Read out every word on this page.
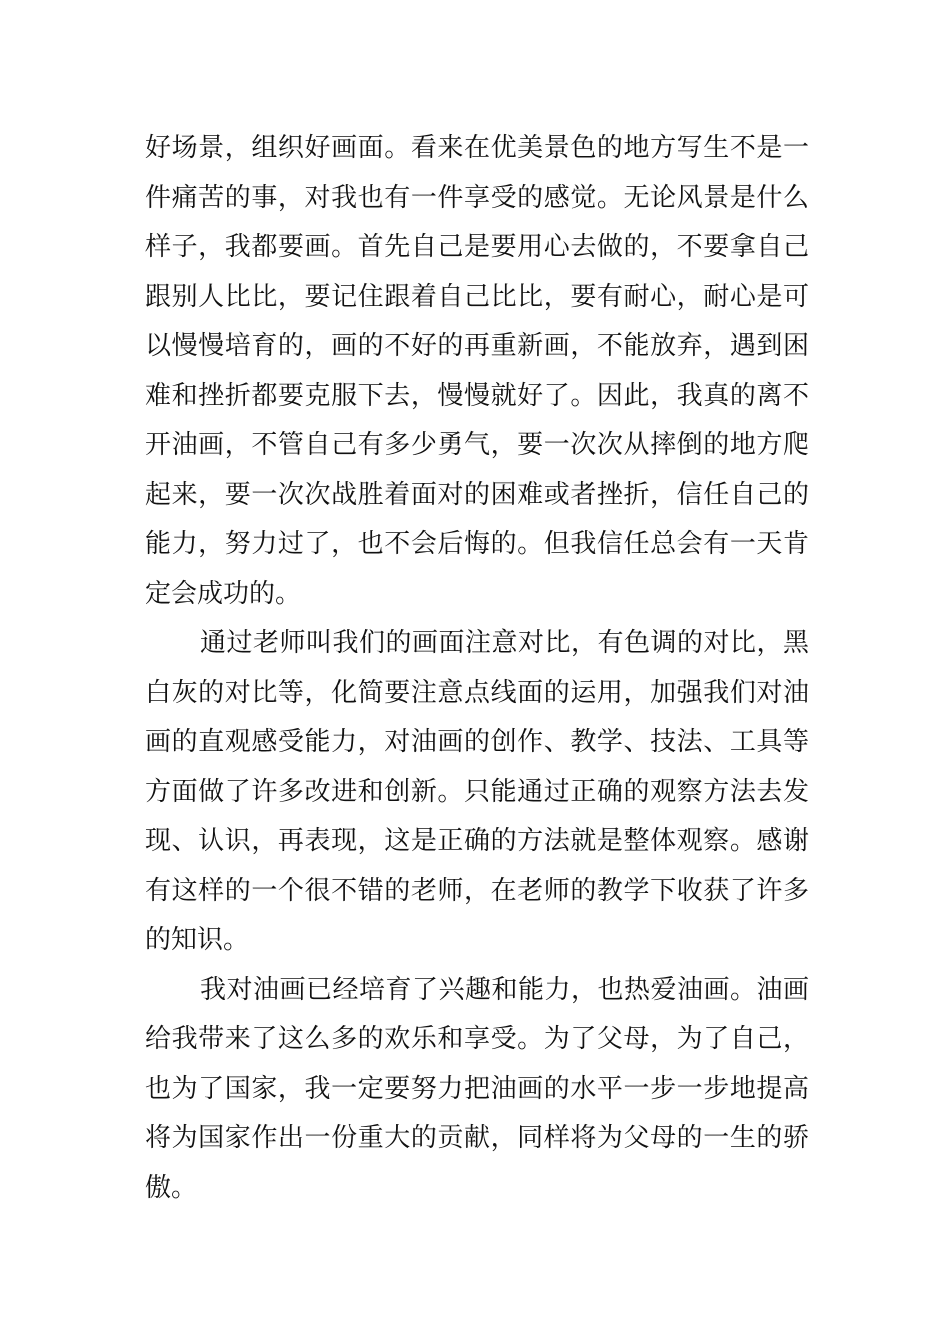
好场景，组织好画面。看来在优美景色的地方写生不是一件痛苦的事，对我也有一件享受的感觉。无论风景是什么样子，我都要画。首先自己是要用心去做的，不要拿自己跟别人比比，要记住跟着自己比比，要有耐心，耐心是可以慢慢培育的，画的不好的再重新画，不能放弃，遇到困难和挫折都要克服下去，慢慢就好了。因此，我真的离不开油画，不管自己有多少勇气，要一次次从摔倒的地方爬起来，要一次次战胜着面对的困难或者挫折，信任自己的能力，努力过了，也不会后悔的。但我信任总会有一天肯定会成功的。

通过老师叫我们的画面注意对比，有色调的对比，黑白灰的对比等，化简要注意点线面的运用，加强我们对油画的直观感受能力，对油画的创作、教学、技法、工具等方面做了许多改进和创新。只能通过正确的观察方法去发现、认识，再表现，这是正确的方法就是整体观察。感谢有这样的一个很不错的老师，在老师的教学下收获了许多的知识。

我对油画已经培育了兴趣和能力，也热爱油画。油画给我带来了这么多的欢乐和享受。为了父母，为了自己，也为了国家，我一定要努力把油画的水平一步一步地提高将为国家作出一份重大的贡献，同样将为父母的一生的骄傲。
